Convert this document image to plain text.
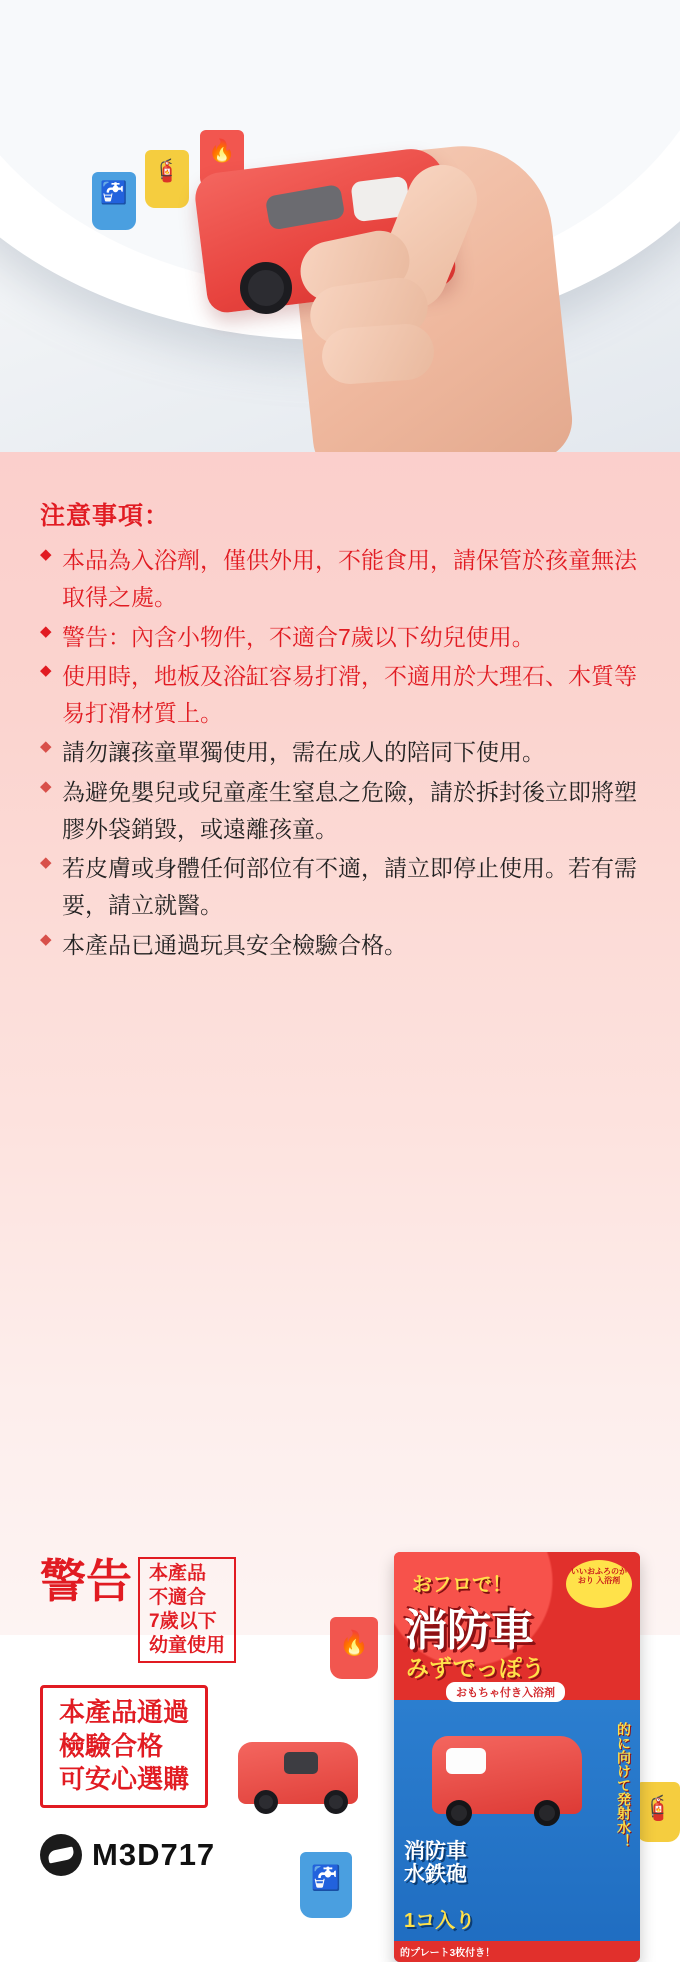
🚰
🧯
🔥
注意事項：
◆ 本品為入浴劑，僅供外用，不能食用，請保管於孩童無法取得之處。
◆ 警告：內含小物件，不適合7歲以下幼兒使用。
◆ 使用時，地板及浴缸容易打滑，不適用於大理石、木質等易打滑材質上。
◆ 請勿讓孩童單獨使用，需在成人的陪同下使用。
◆ 為避免嬰兒或兒童產生窒息之危險，請於拆封後立即將塑膠外袋銷毀，或遠離孩童。
◆ 若皮膚或身體任何部位有不適，請立即停止使用。若有需要，請立就醫。
◆ 本產品已通過玩具安全檢驗合格。
警告 本產品
不適合
7歲以下
幼童使用
本產品通過
檢驗合格
可安心選購
M3D717
🔥
🚰
🧯
いいおふろのかおり 入浴剤
おフロで！
消防車
みずでっぽう
おもちゃ付き入浴剤
的に向けて発射水！
消防車
水鉄砲
1コ入り
的プレート3枚付き！
